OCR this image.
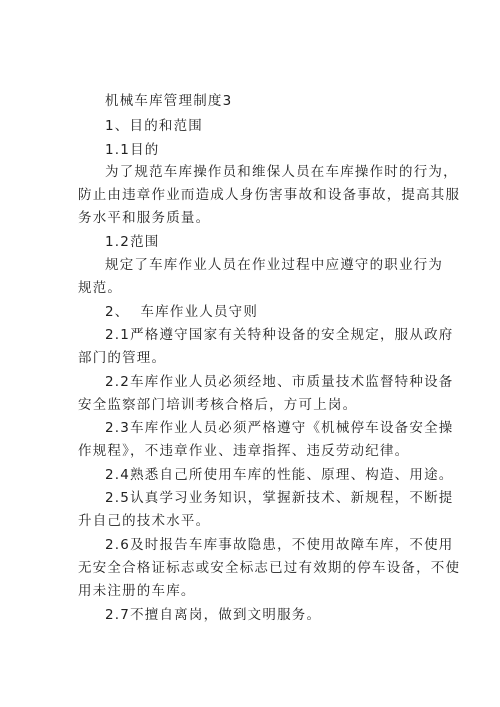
机械车库管理制度3
1、目的和范围
1.1目的
为了规范车库操作员和维保人员在车库操作时的行为，
防止由违章作业而造成人身伤害事故和设备事故，提高其服
务水平和服务质量。
1.2范围
规定了车库作业人员在作业过程中应遵守的职业行为
规范。
2、  车库作业人员守则
2.1严格遵守国家有关特种设备的安全规定，服从政府
部门的管理。
2.2车库作业人员必须经地、市质量技术监督特种设备
安全监察部门培训考核合格后，方可上岗。
2.3车库作业人员必须严格遵守《机械停车设备安全操
作规程》，不违章作业、违章指挥、违反劳动纪律。
2.4熟悉自己所使用车库的性能、原理、构造、用途。
2.5认真学习业务知识，掌握新技术、新规程，不断提
升自己的技术水平。
2.6及时报告车库事故隐患，不使用故障车库，不使用
无安全合格证标志或安全标志已过有效期的停车设备，不使
用未注册的车库。
2.7不擅自离岗，做到文明服务。
